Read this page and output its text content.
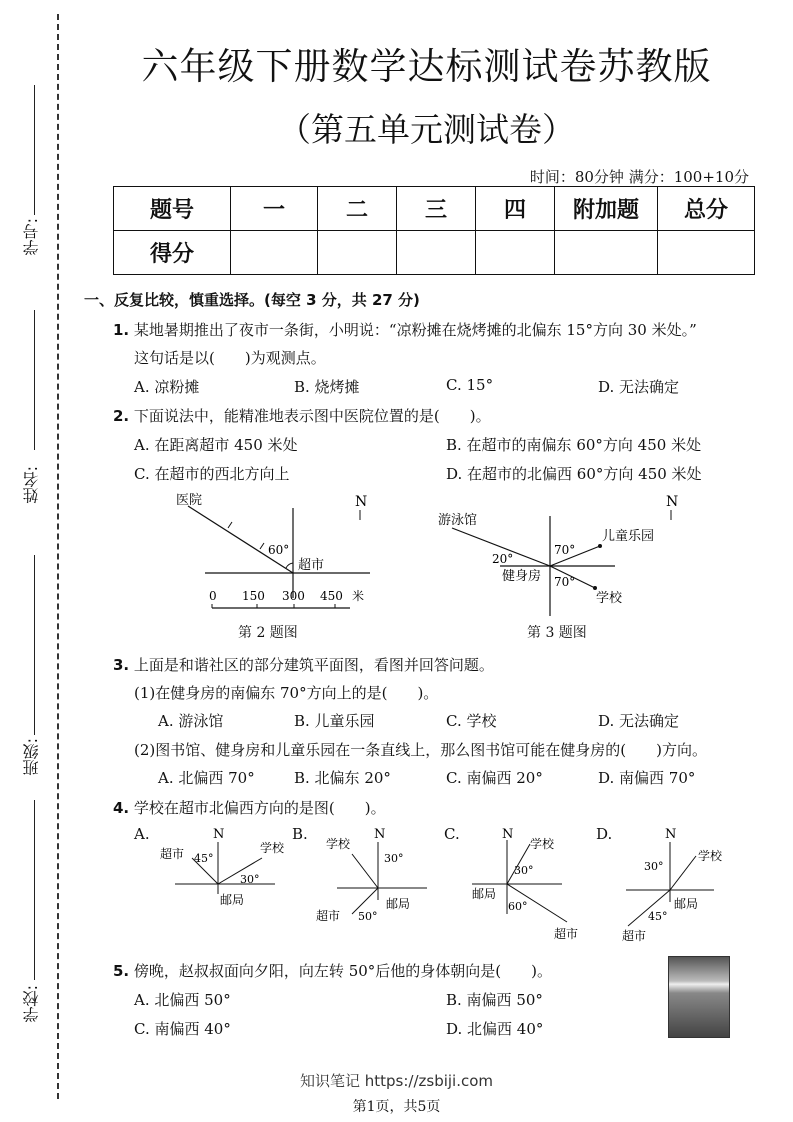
学号:
姓名:
班级:
学校:
六年级下册数学达标测试卷苏教版
（第五单元测试卷）
时间：80分钟 满分：100+10分
题号	一	二	三	四	附加题	总分
得分						
一、反复比较，慎重选择。(每空 3 分，共 27 分)
1. 某地暑期推出了夜市一条街，小明说：“凉粉摊在烧烤摊的北偏东 15°方向 30 米处。”
这句话是以(　　)为观测点。
A. 凉粉摊	B. 烧烤摊	C. 15°	D. 无法确定
2. 下面说法中，能精准地表示图中医院位置的是(　　)。
A. 在距离超市 450 米处	B. 在超市的南偏东 60°方向 450 米处
C. 在超市的西北方向上	D. 在超市的北偏西 60°方向 450 米处
医院
60°
超市
N
0 150 300 450 米
第 2 题图
游泳馆
儿童乐园
健身房
学校
20°
70°
70°
N
第 3 题图
3. 上面是和谐社区的部分建筑平面图，看图并回答问题。
(1)在健身房的南偏东 70°方向上的是(　　)。
A. 游泳馆	B. 儿童乐园	C. 学校	D. 无法确定
(2)图书馆、健身房和儿童乐园在一条直线上，那么图书馆可能在健身房的(　　)方向。
A. 北偏西 70°	B. 北偏东 20°	C. 南偏西 20°	D. 南偏西 70°
4. 学校在超市北偏西方向的是图(　　)。
A.	N
超市	学校
45°
30°
邮局
B.	N
学校
30°
50°
超市
邮局
C.	N
学校
30°
60°
邮局
超市
D.	N
学校
30°
45°
邮局
超市
5. 傍晚，赵叔叔面向夕阳，向左转 50°后他的身体朝向是(　　)。
A. 北偏西 50°	B. 南偏西 50°
C. 南偏西 40°	D. 北偏西 40°
知识笔记 https://zsbiji.com
第1页，共5页
